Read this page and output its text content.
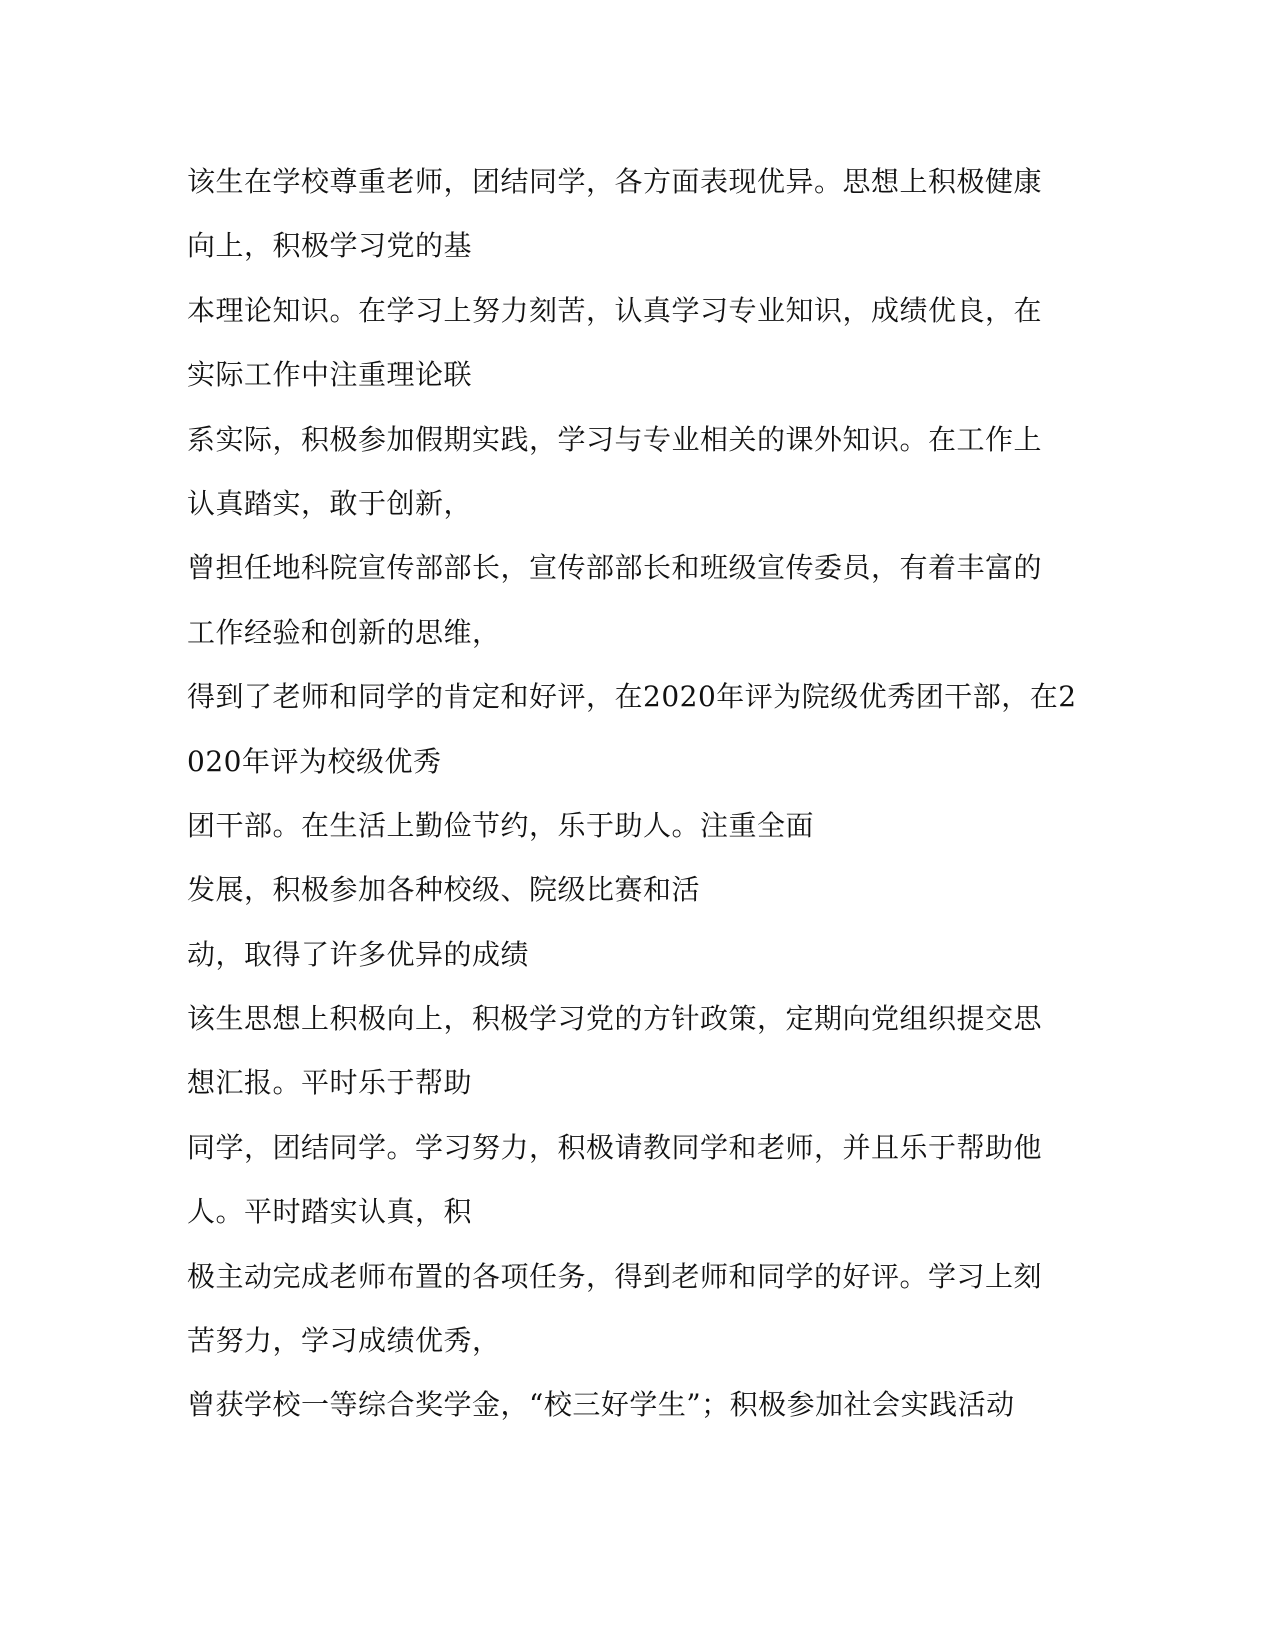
该生在学校尊重老师，团结同学，各方面表现优异。思想上积极健康
向上，积极学习党的基
本理论知识。在学习上努力刻苦，认真学习专业知识，成绩优良，在
实际工作中注重理论联
系实际，积极参加假期实践，学习与专业相关的课外知识。在工作上
认真踏实，敢于创新，
曾担任地科院宣传部部长，宣传部部长和班级宣传委员，有着丰富的
工作经验和创新的思维，
得到了老师和同学的肯定和好评，在2020年评为院级优秀团干部，在2
020年评为校级优秀
团干部。在生活上勤俭节约，乐于助人。注重全面
发展，积极参加各种校级、院级比赛和活
动，取得了许多优异的成绩
该生思想上积极向上，积极学习党的方针政策，定期向党组织提交思
想汇报。平时乐于帮助
同学，团结同学。学习努力，积极请教同学和老师，并且乐于帮助他
人。平时踏实认真，积
极主动完成老师布置的各项任务，得到老师和同学的好评。学习上刻
苦努力，学习成绩优秀，
曾获学校一等综合奖学金，“校三好学生”；积极参加社会实践活动
